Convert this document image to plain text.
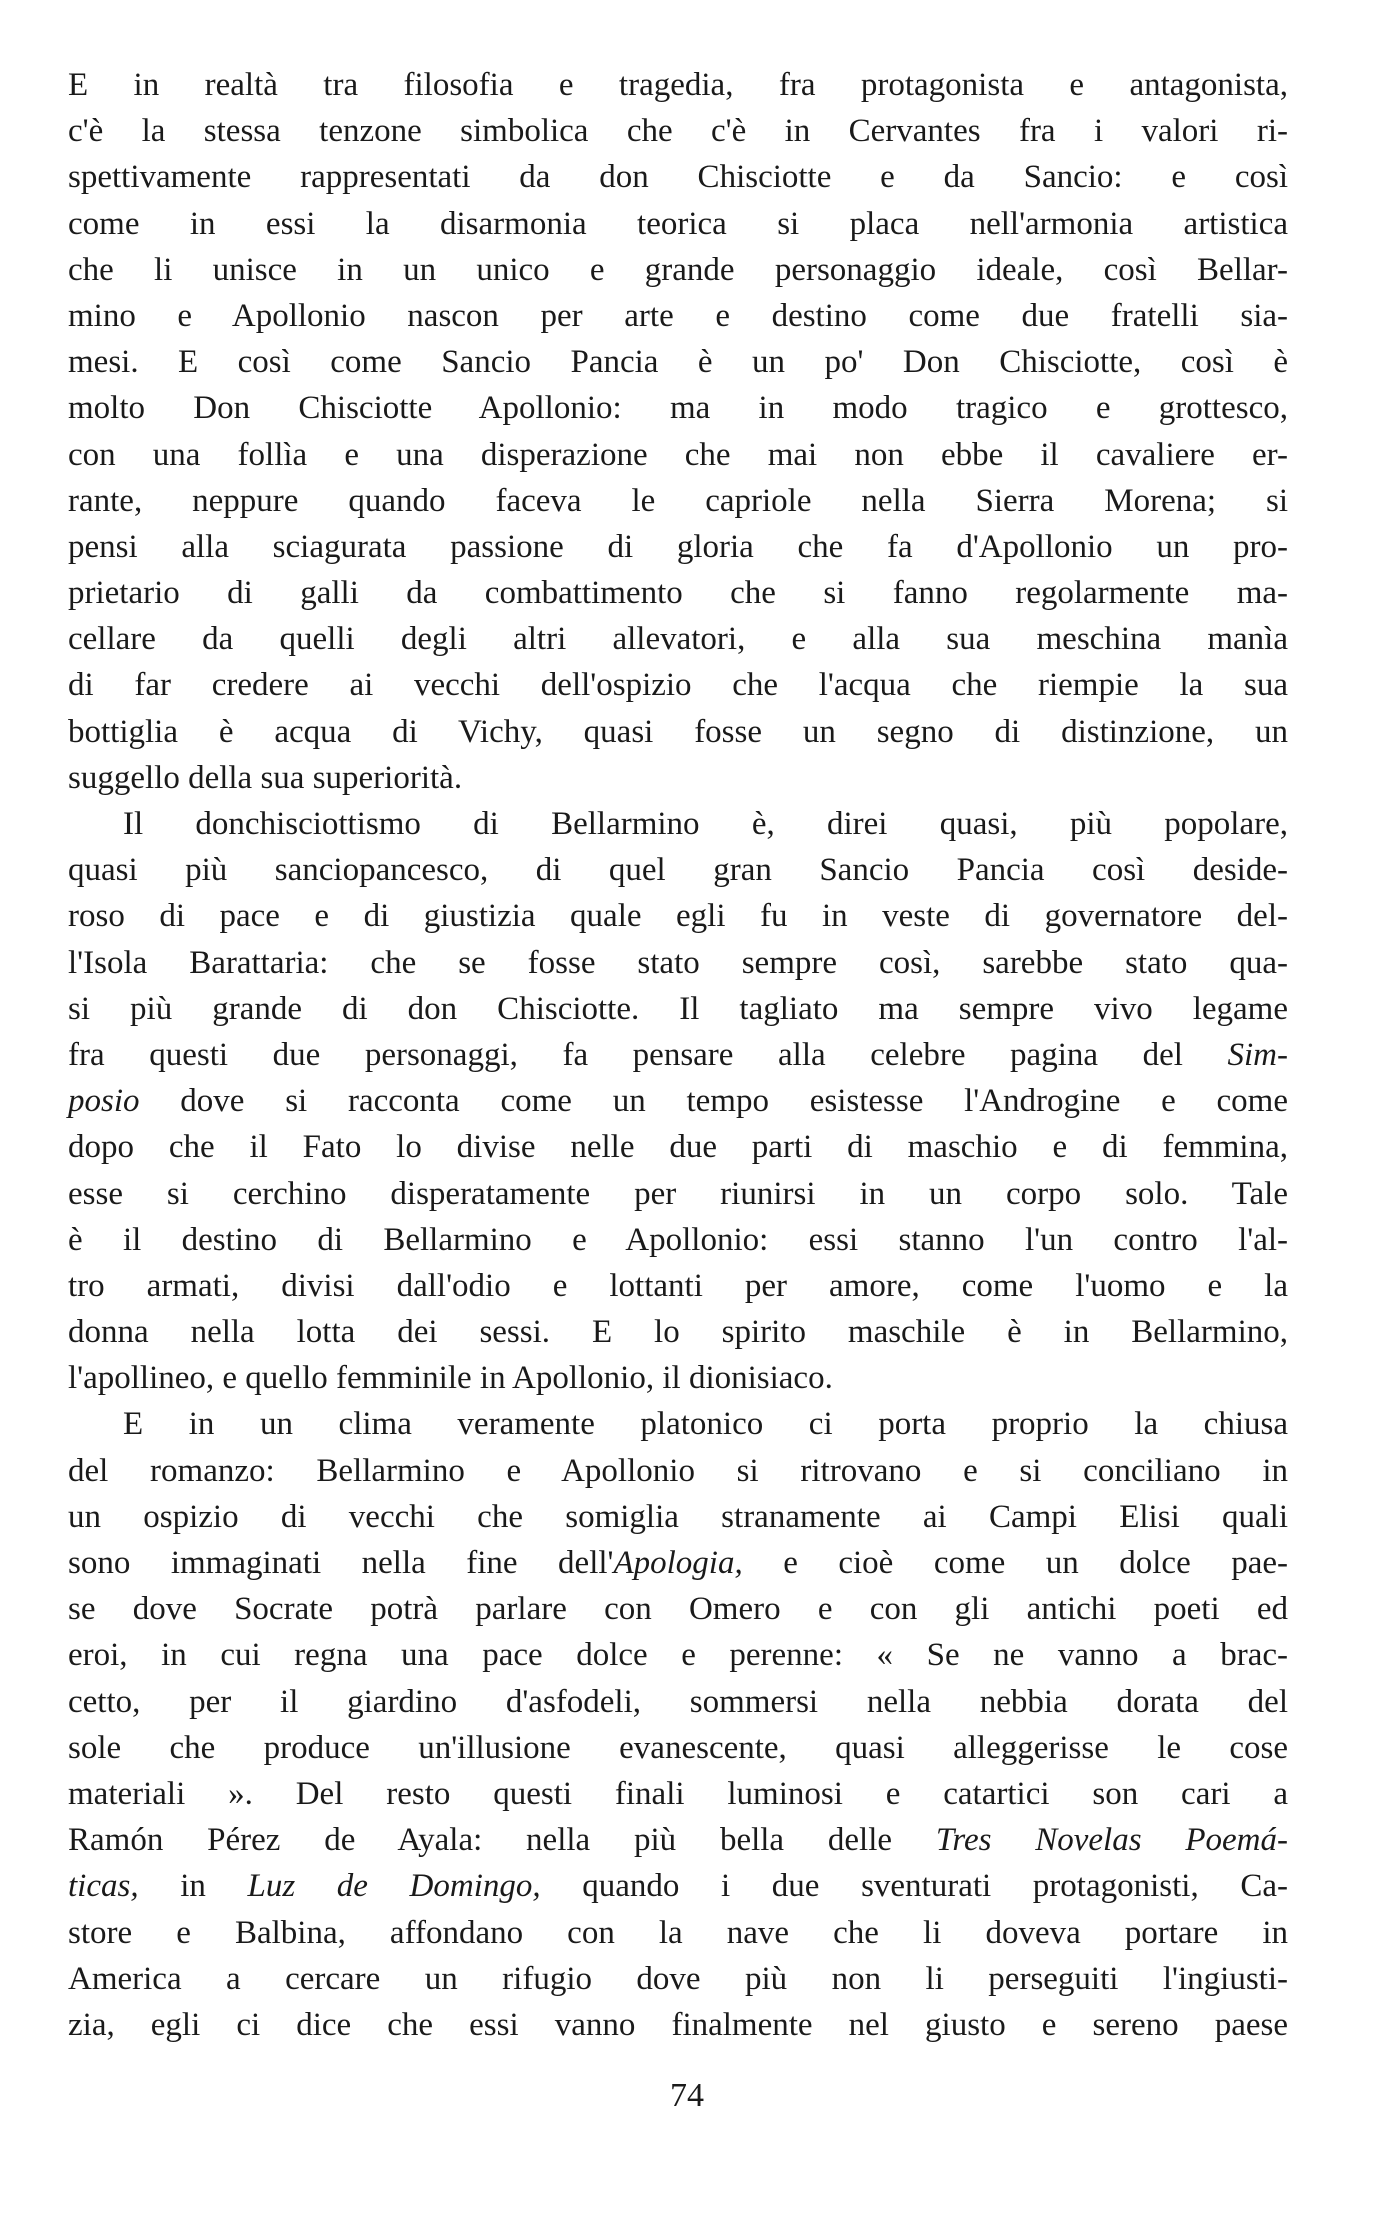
E in realtà tra filosofia e tragedia, fra protagonista e antagonista,
c'è la stessa tenzone simbolica che c'è in Cervantes fra i valori ri-
spettivamente rappresentati da don Chisciotte e da Sancio: e così
come in essi la disarmonia teorica si placa nell'armonia artistica
che li unisce in un unico e grande personaggio ideale, così Bellar-
mino e Apollonio nascon per arte e destino come due fratelli sia-
mesi. E così come Sancio Pancia è un po' Don Chisciotte, così è
molto Don Chisciotte Apollonio: ma in modo tragico e grottesco,
con una follìa e una disperazione che mai non ebbe il cavaliere er-
rante, neppure quando faceva le capriole nella Sierra Morena; si
pensi alla sciagurata passione di gloria che fa d'Apollonio un pro-
prietario di galli da combattimento che si fanno regolarmente ma-
cellare da quelli degli altri allevatori, e alla sua meschina manìa
di far credere ai vecchi dell'ospizio che l'acqua che riempie la sua
bottiglia è acqua di Vichy, quasi fosse un segno di distinzione, un
suggello della sua superiorità.
Il donchisciottismo di Bellarmino è, direi quasi, più popolare,
quasi più sanciopancesco, di quel gran Sancio Pancia così deside-
roso di pace e di giustizia quale egli fu in veste di governatore del-
l'Isola Barattaria: che se fosse stato sempre così, sarebbe stato qua-
si più grande di don Chisciotte. Il tagliato ma sempre vivo legame
fra questi due personaggi, fa pensare alla celebre pagina del Sim-
posio dove si racconta come un tempo esistesse l'Androgine e come
dopo che il Fato lo divise nelle due parti di maschio e di femmina,
esse si cerchino disperatamente per riunirsi in un corpo solo. Tale
è il destino di Bellarmino e Apollonio: essi stanno l'un contro l'al-
tro armati, divisi dall'odio e lottanti per amore, come l'uomo e la
donna nella lotta dei sessi. E lo spirito maschile è in Bellarmino,
l'apollineo, e quello femminile in Apollonio, il dionisiaco.
E in un clima veramente platonico ci porta proprio la chiusa
del romanzo: Bellarmino e Apollonio si ritrovano e si conciliano in
un ospizio di vecchi che somiglia stranamente ai Campi Elisi quali
sono immaginati nella fine dell'Apologia, e cioè come un dolce pae-
se dove Socrate potrà parlare con Omero e con gli antichi poeti ed
eroi, in cui regna una pace dolce e perenne: « Se ne vanno a brac-
cetto, per il giardino d'asfodeli, sommersi nella nebbia dorata del
sole che produce un'illusione evanescente, quasi alleggerisse le cose
materiali ». Del resto questi finali luminosi e catartici son cari a
Ramón Pérez de Ayala: nella più bella delle Tres Novelas Poemá-
ticas, in Luz de Domingo, quando i due sventurati protagonisti, Ca-
store e Balbina, affondano con la nave che li doveva portare in
America a cercare un rifugio dove più non li perseguiti l'ingiusti-
zia, egli ci dice che essi vanno finalmente nel giusto e sereno paese
74
